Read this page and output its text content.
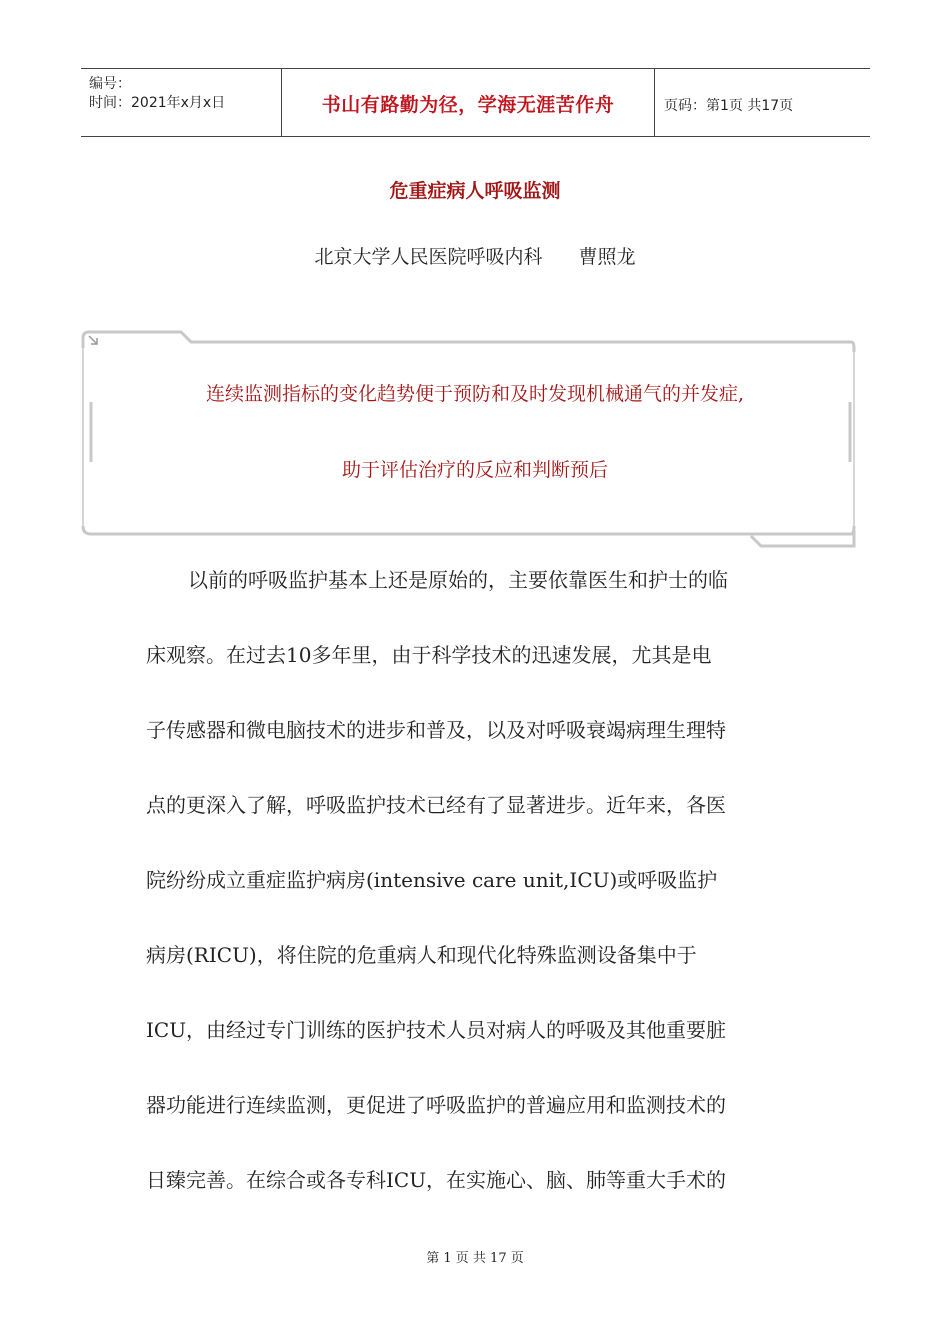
编号：
时间：2021年x月x日	书山有路勤为径，学海无涯苦作舟	页码：第1页 共17页
危重症病人呼吸监测
北京大学人民医院呼吸内科 曹照龙
连续监测指标的变化趋势便于预防和及时发现机械通气的并发症,
助于评估治疗的反应和判断预后
以前的呼吸监护基本上还是原始的，主要依靠医生和护士的临
床观察。在过去10多年里，由于科学技术的迅速发展，尤其是电
子传感器和微电脑技术的进步和普及，以及对呼吸衰竭病理生理特
点的更深入了解，呼吸监护技术已经有了显著进步。近年来，各医
院纷纷成立重症监护病房(intensive care unit,ICU)或呼吸监护
病房(RICU)，将住院的危重病人和现代化特殊监测设备集中于
ICU，由经过专门训练的医护技术人员对病人的呼吸及其他重要脏
器功能进行连续监测，更促进了呼吸监护的普遍应用和监测技术的
日臻完善。在综合或各专科ICU，在实施心、脑、肺等重大手术的
第 1 页 共 17 页
